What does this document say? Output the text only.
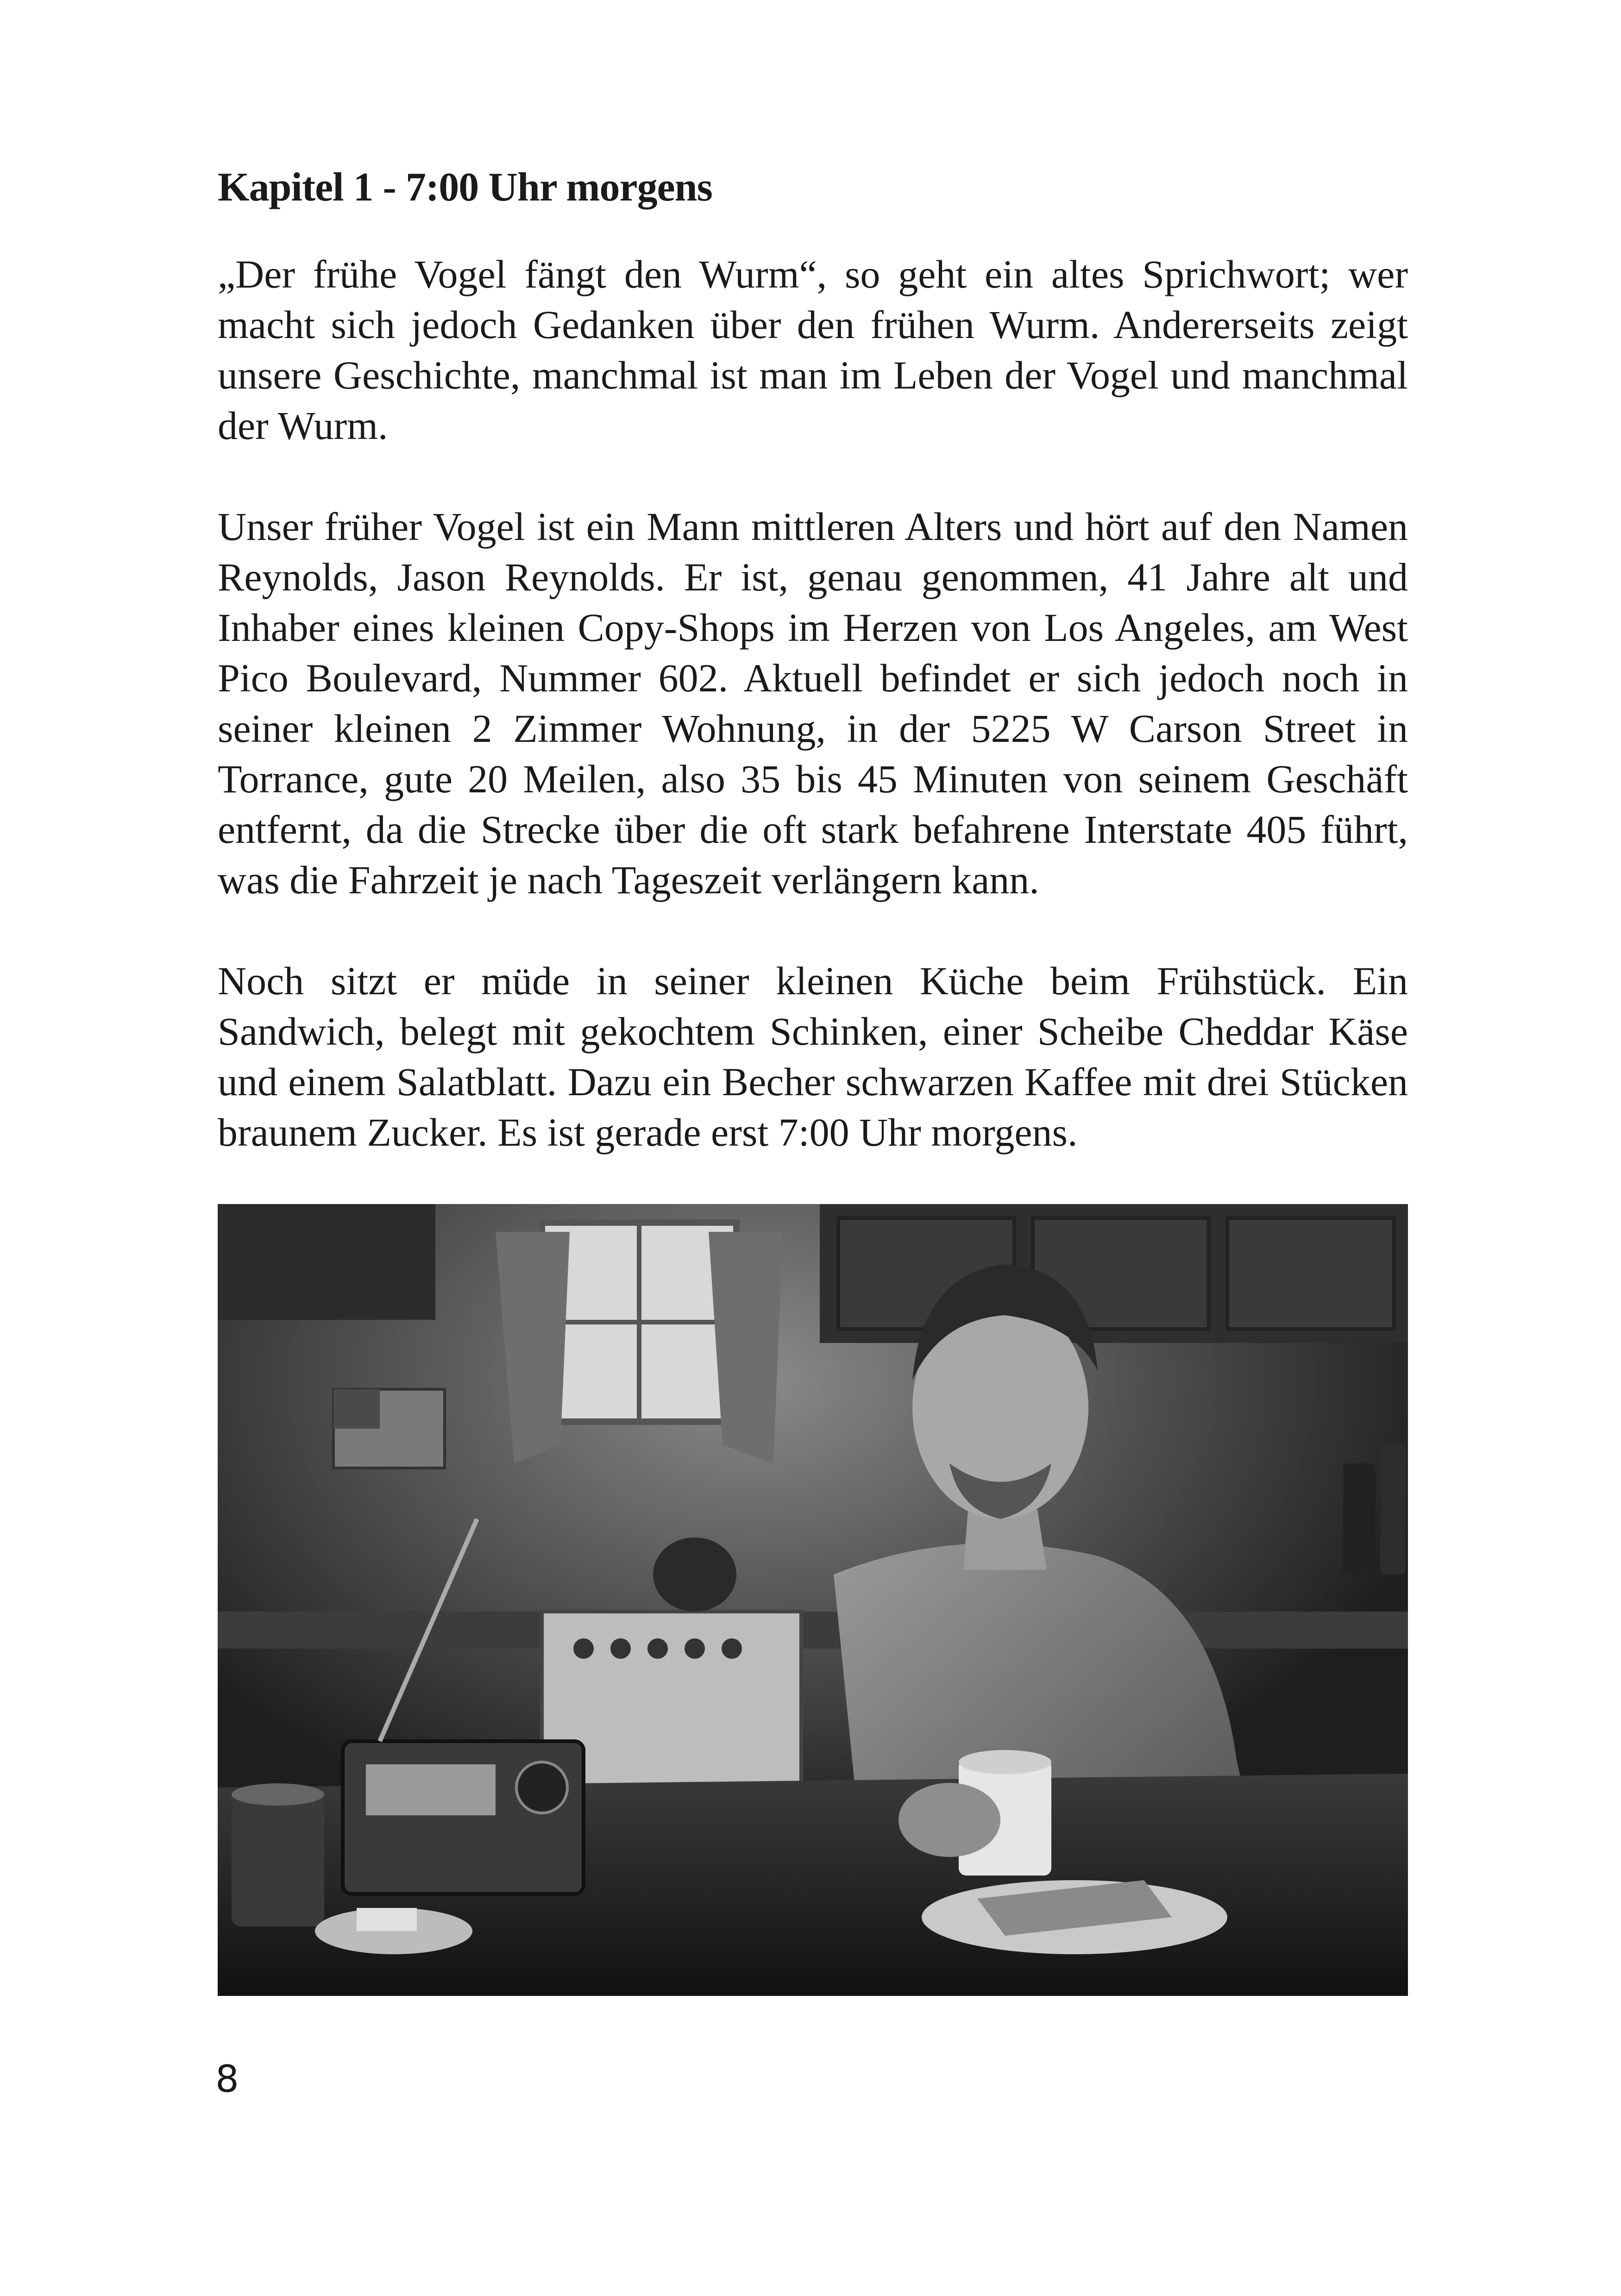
Kapitel 1 - 7:00 Uhr morgens

„Der frühe Vogel fängt den Wurm“, so geht ein altes Sprichwort; wer macht sich jedoch Gedanken über den frühen Wurm. Andererseits zeigt unsere Geschichte, manchmal ist man im Leben der Vogel und manchmal der Wurm.

Unser früher Vogel ist ein Mann mittleren Alters und hört auf den Namen Reynolds, Jason Reynolds. Er ist, genau genommen, 41 Jahre alt und Inhaber eines kleinen Copy-Shops im Herzen von Los Angeles, am West Pico Boulevard, Nummer 602. Aktuell befindet er sich jedoch noch in seiner kleinen 2 Zimmer Wohnung, in der 5225 W Carson Street in Torrance, gute 20 Meilen, also 35 bis 45 Minuten von seinem Geschäft entfernt, da die Strecke über die oft stark befahrene Interstate 405 führt, was die Fahrzeit je nach Tageszeit verlängern kann.

Noch sitzt er müde in seiner kleinen Küche beim Frühstück. Ein Sandwich, belegt mit gekochtem Schinken, einer Scheibe Cheddar Käse und einem Salatblatt. Dazu ein Becher schwarzen Kaffee mit drei Stücken braunem Zucker. Es ist gerade erst 7:00 Uhr morgens.

8
